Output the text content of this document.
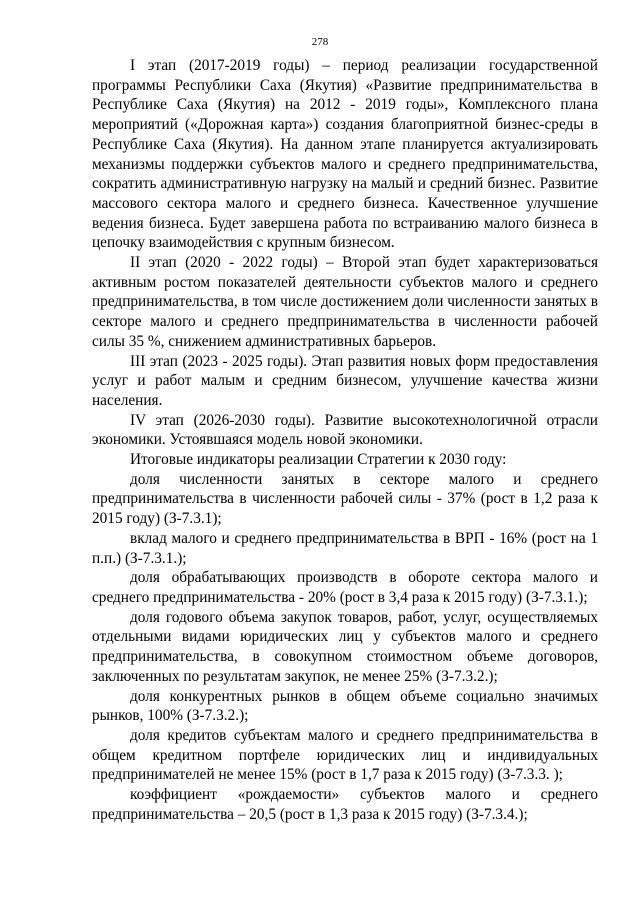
278

I этап (2017-2019 годы) – период реализации государственной программы Республики Саха (Якутия) «Развитие предпринимательства в Республике Саха (Якутия) на 2012 - 2019 годы», Комплексного плана мероприятий («Дорожная карта») создания благоприятной бизнес-среды в Республике Саха (Якутия). На данном этапе планируется актуализировать механизмы поддержки субъектов малого и среднего предпринимательства, сократить административную нагрузку на малый и средний бизнес. Развитие массового сектора малого и среднего бизнеса. Качественное улучшение ведения бизнеса. Будет завершена работа по встраиванию малого бизнеса в цепочку взаимодействия с крупным бизнесом.

II этап (2020 - 2022 годы) – Второй этап будет характеризоваться активным ростом показателей деятельности субъектов малого и среднего предпринимательства, в том числе достижением доли численности занятых в секторе малого и среднего предпринимательства в численности рабочей силы 35 %, снижением административных барьеров.

III этап (2023 - 2025 годы). Этап развития новых форм предоставления услуг и работ малым и средним бизнесом, улучшение качества жизни населения.

IV этап (2026-2030 годы). Развитие высокотехнологичной отрасли экономики. Устоявшаяся модель новой экономики.

Итоговые индикаторы реализации Стратегии к 2030 году:

доля численности занятых в секторе малого и среднего предпринимательства в численности рабочей силы - 37% (рост в 1,2 раза к 2015 году) (З-7.3.1);

вклад малого и среднего предпринимательства в ВРП - 16% (рост на 1 п.п.) (З-7.3.1.);

доля обрабатывающих производств в обороте сектора малого и среднего предпринимательства - 20% (рост в 3,4 раза к 2015 году) (З-7.3.1.);

доля годового объема закупок товаров, работ, услуг, осуществляемых отдельными видами юридических лиц у субъектов малого и среднего предпринимательства, в совокупном стоимостном объеме договоров, заключенных по результатам закупок, не менее 25% (З-7.3.2.);

доля конкурентных рынков в общем объеме социально значимых рынков, 100% (З-7.3.2.);

доля кредитов субъектам малого и среднего предпринимательства в общем кредитном портфеле юридических лиц и индивидуальных предпринимателей не менее 15% (рост в 1,7 раза к 2015 году) (З-7.3.3. );

коэффициент «рождаемости» субъектов малого и среднего предпринимательства – 20,5 (рост в 1,3 раза к 2015 году) (З-7.3.4.);
